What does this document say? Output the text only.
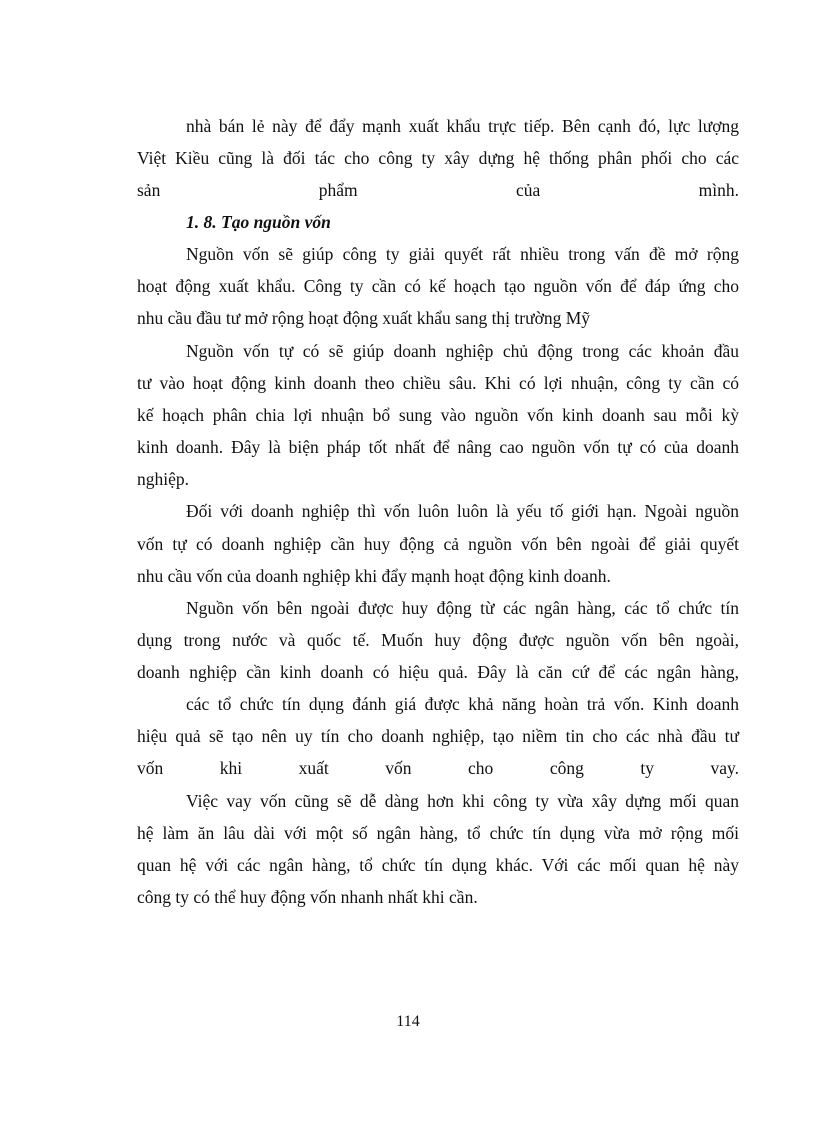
nhà bán lẻ này để đẩy mạnh xuất khẩu trực tiếp. Bên cạnh đó, lực lượng
Việt Kiều cũng là đối tác cho công ty xây dựng hệ thống phân phối cho các
sản phẩm của mình.
1. 8. Tạo nguồn vốn
Nguồn vốn sẽ giúp công ty giải quyết rất nhiều trong vấn đề mở rộng
hoạt động xuất khẩu. Công ty cần có kế hoạch tạo nguồn vốn để đáp ứng cho
nhu cầu đầu tư mở rộng hoạt động xuất khẩu sang thị trường Mỹ
Nguồn vốn tự có sẽ giúp doanh nghiệp chủ động trong các khoản đầu
tư vào hoạt động kinh doanh theo chiều sâu. Khi có lợi nhuận, công ty cần có
kế hoạch phân chia lợi nhuận bổ sung vào nguồn vốn kinh doanh sau mỗi kỳ
kinh doanh. Đây là biện pháp tốt nhất để nâng cao nguồn vốn tự có của doanh
nghiệp.
Đối với doanh nghiệp thì vốn luôn luôn là yếu tố giới hạn. Ngoài nguồn
vốn tự có doanh nghiệp cần huy động cả nguồn vốn bên ngoài để giải quyết
nhu cầu vốn của doanh nghiệp khi đẩy mạnh hoạt động kinh doanh.
Nguồn vốn bên ngoài được huy động từ các ngân hàng, các tổ chức tín
dụng trong nước và quốc tế. Muốn huy động được nguồn vốn bên ngoài,
doanh nghiệp cần kinh doanh có hiệu quả. Đây là căn cứ để các ngân hàng,
các tổ chức tín dụng đánh giá được khả năng hoàn trả vốn. Kinh doanh
hiệu quả sẽ tạo nên uy tín cho doanh nghiệp, tạo niềm tin cho các nhà đầu tư
vốn khi xuất vốn cho công ty vay.
Việc vay vốn cũng sẽ dễ dàng hơn khi công ty vừa xây dựng mối quan
hệ làm ăn lâu dài với một số ngân hàng, tổ chức tín dụng vừa mở rộng mối
quan hệ với các ngân hàng, tổ chức tín dụng khác. Với các mối quan hệ này
công ty có thể huy động vốn nhanh nhất khi cần.
114
